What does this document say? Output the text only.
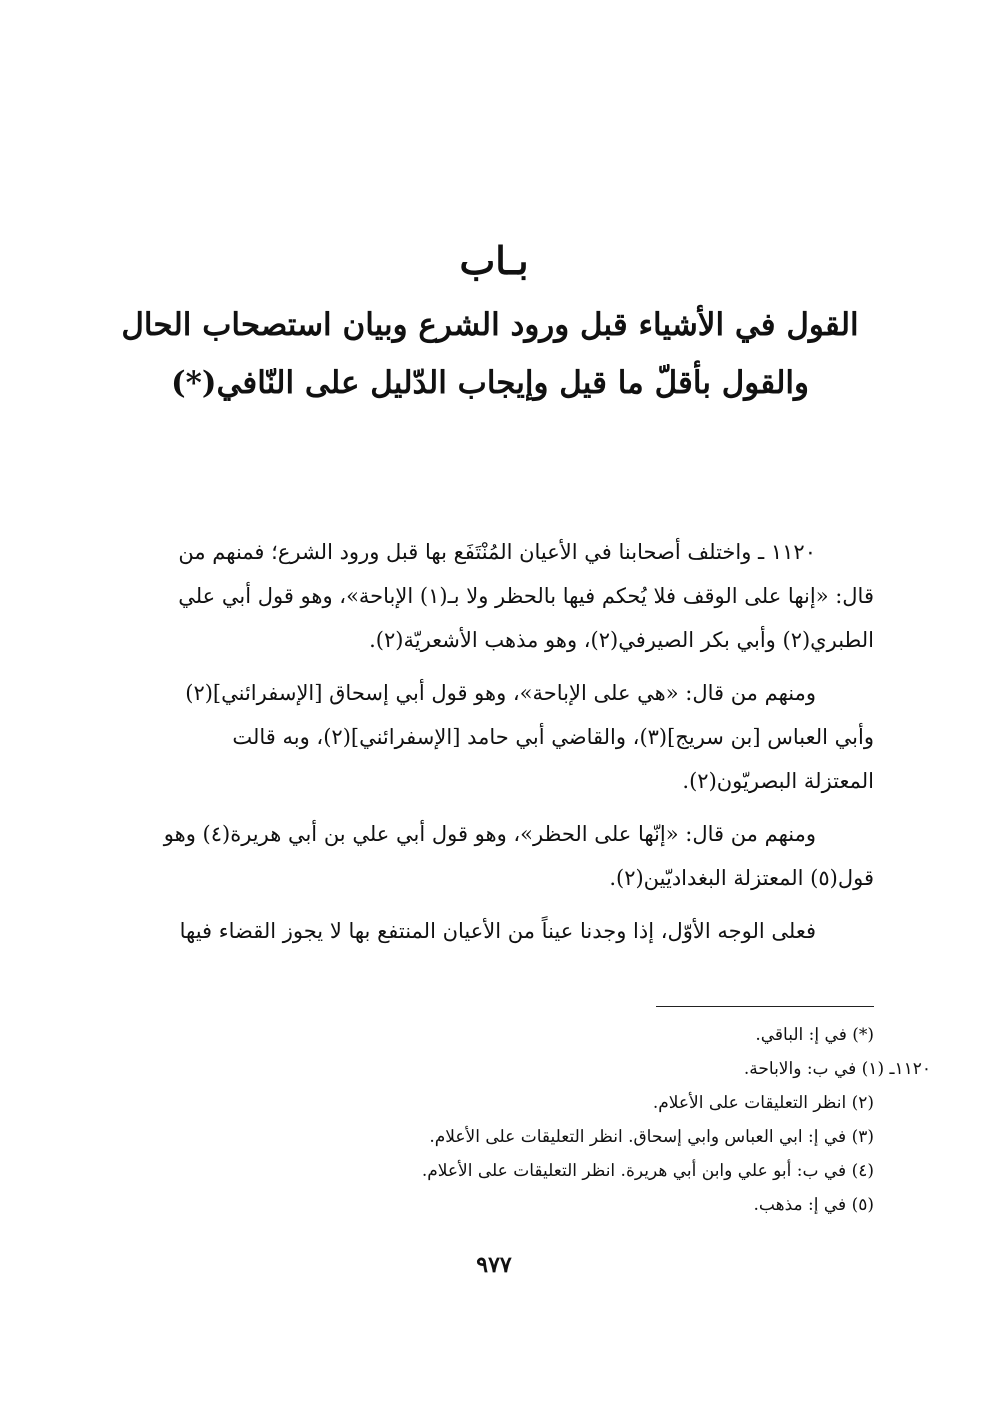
بـاب
القول في الأشياء قبل ورود الشرع وبيان استصحاب الحال
والقول بأقلّ ما قيل وإيجاب الدّليل على النّافي(*)

١١٢٠ ـ واختلف أصحابنا في الأعيان المُنْتَفَع بها قبل ورود الشرع؛ فمنهم من
قال: «إنها على الوقف فلا يُحكم فيها بالحظر ولا بـ(١) الإباحة»، وهو قول أبي علي
الطبري(٢) وأبي بكر الصيرفي(٢)، وهو مذهب الأشعريّة(٢).

ومنهم من قال: «هي على الإباحة»، وهو قول أبي إسحاق [الإسفرائني](٢)
وأبي العباس [بن سريج](٣)، والقاضي أبي حامد [الإسفرائني](٢)، وبه قالت
المعتزلة البصريّون(٢).

ومنهم من قال: «إنّها على الحظر»، وهو قول أبي علي بن أبي هريرة(٤) وهو
قول(٥) المعتزلة البغداديّين(٢).

فعلى الوجه الأوّل، إذا وجدنا عيناً من الأعيان المنتفع بها لا يجوز القضاء فيها

(*) في إ: الباقي.
١١٢٠ـ (١) في ب: والاباحة.
(٢) انظر التعليقات على الأعلام.
(٣) في إ: ابي العباس وابي إسحاق. انظر التعليقات على الأعلام.
(٤) في ب: أبو علي وابن أبي هريرة. انظر التعليقات على الأعلام.
(٥) في إ: مذهب.
٩٧٧
